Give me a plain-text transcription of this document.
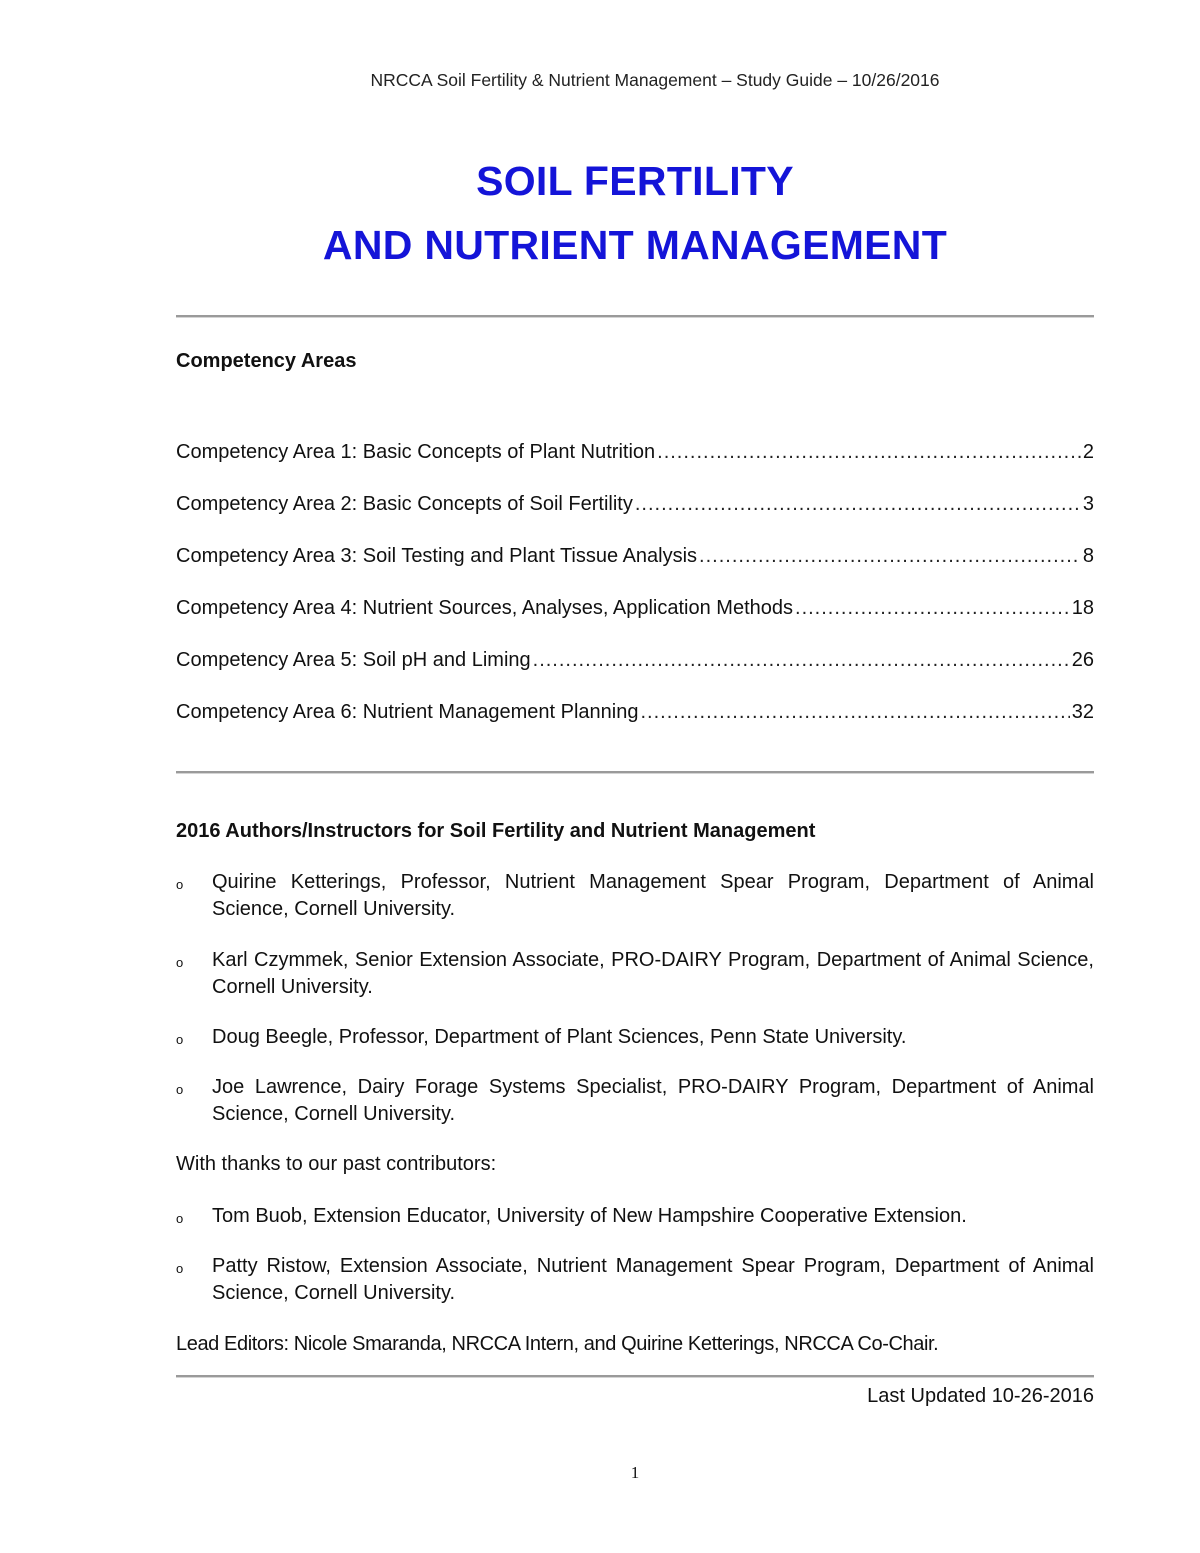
NRCCA Soil Fertility & Nutrient Management – Study Guide – 10/26/2016
SOIL FERTILITY
AND NUTRIENT MANAGEMENT
Competency Areas
Competency Area 1: Basic Concepts of Plant Nutrition .....	2
Competency Area 2: Basic Concepts of Soil Fertility .....	3
Competency Area 3: Soil Testing and Plant Tissue Analysis .....	8
Competency Area 4: Nutrient Sources, Analyses, Application Methods .....	18
Competency Area 5: Soil pH and Liming .....	26
Competency Area 6: Nutrient Management Planning .....	32
2016 Authors/Instructors for Soil Fertility and Nutrient Management
o Quirine Ketterings, Professor, Nutrient Management Spear Program, Department of Animal Science, Cornell University.
o Karl Czymmek, Senior Extension Associate, PRO-DAIRY Program, Department of Animal Science, Cornell University.
o Doug Beegle, Professor, Department of Plant Sciences, Penn State University.
o Joe Lawrence, Dairy Forage Systems Specialist, PRO-DAIRY Program, Department of Animal Science, Cornell University.
With thanks to our past contributors:
o Tom Buob, Extension Educator, University of New Hampshire Cooperative Extension.
o Patty Ristow, Extension Associate, Nutrient Management Spear Program, Department of Animal Science, Cornell University.
Lead Editors: Nicole Smaranda, NRCCA Intern, and Quirine Ketterings, NRCCA Co-Chair.
Last Updated 10-26-2016
1
